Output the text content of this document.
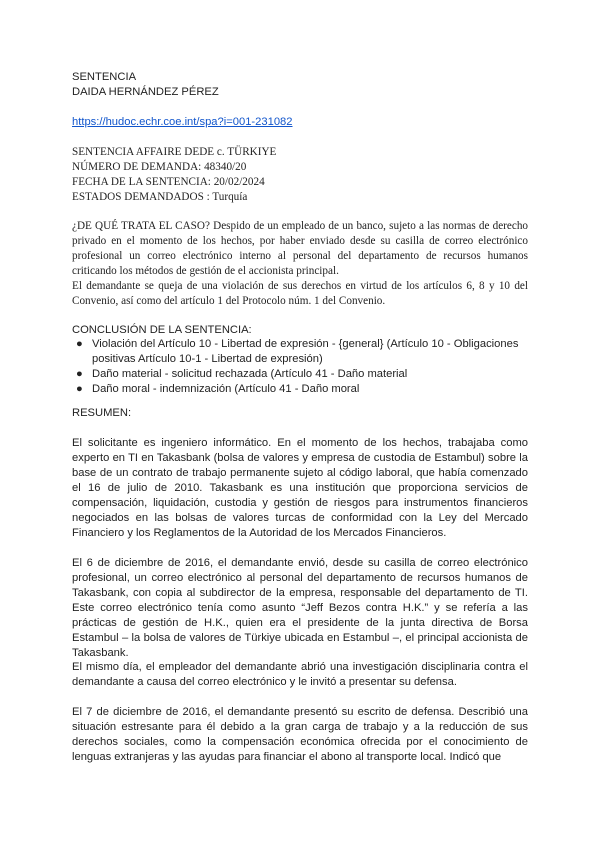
SENTENCIA
DAIDA HERNÁNDEZ PÉREZ
https://hudoc.echr.coe.int/spa?i=001-231082
SENTENCIA AFFAIRE DEDE c. TÜRKIYE
NÚMERO DE DEMANDA: 48340/20
FECHA DE LA SENTENCIA: 20/02/2024
ESTADOS DEMANDADOS : Turquía
¿DE QUÉ TRATA EL CASO? Despido de un empleado de un banco, sujeto a las normas de derecho privado en el momento de los hechos, por haber enviado desde su casilla de correo electrónico profesional un correo electrónico interno al personal del departamento de recursos humanos criticando los métodos de gestión de el accionista principal.
El demandante se queja de una violación de sus derechos en virtud de los artículos 6, 8 y 10 del Convenio, así como del artículo 1 del Protocolo núm. 1 del Convenio.
CONCLUSIÓN DE LA SENTENCIA:
● Violación del Artículo 10 - Libertad de expresión - {general} (Artículo 10 - Obligaciones positivas Artículo 10-1 - Libertad de expresión)
● Daño material - solicitud rechazada (Artículo 41 - Daño material
● Daño moral - indemnización (Artículo 41 - Daño moral
RESUMEN:
El solicitante es ingeniero informático. En el momento de los hechos, trabajaba como experto en TI en Takasbank (bolsa de valores y empresa de custodia de Estambul) sobre la base de un contrato de trabajo permanente sujeto al código laboral, que había comenzado el 16 de julio de 2010. Takasbank es una institución que proporciona servicios de compensación, liquidación, custodia y gestión de riesgos para instrumentos financieros negociados en las bolsas de valores turcas de conformidad con la Ley del Mercado Financiero y los Reglamentos de la Autoridad de los Mercados Financieros.
El 6 de diciembre de 2016, el demandante envió, desde su casilla de correo electrónico profesional, un correo electrónico al personal del departamento de recursos humanos de Takasbank, con copia al subdirector de la empresa, responsable del departamento de TI. Este correo electrónico tenía como asunto “Jeff Bezos contra H.K.” y se refería a las prácticas de gestión de H.K., quien era el presidente de la junta directiva de Borsa Estambul – la bolsa de valores de Türkiye ubicada en Estambul –, el principal accionista de Takasbank.
El mismo día, el empleador del demandante abrió una investigación disciplinaria contra el demandante a causa del correo electrónico y le invitó a presentar su defensa.
El 7 de diciembre de 2016, el demandante presentó su escrito de defensa. Describió una situación estresante para él debido a la gran carga de trabajo y a la reducción de sus derechos sociales, como la compensación económica ofrecida por el conocimiento de lenguas extranjeras y las ayudas para financiar el abono al transporte local. Indicó que
